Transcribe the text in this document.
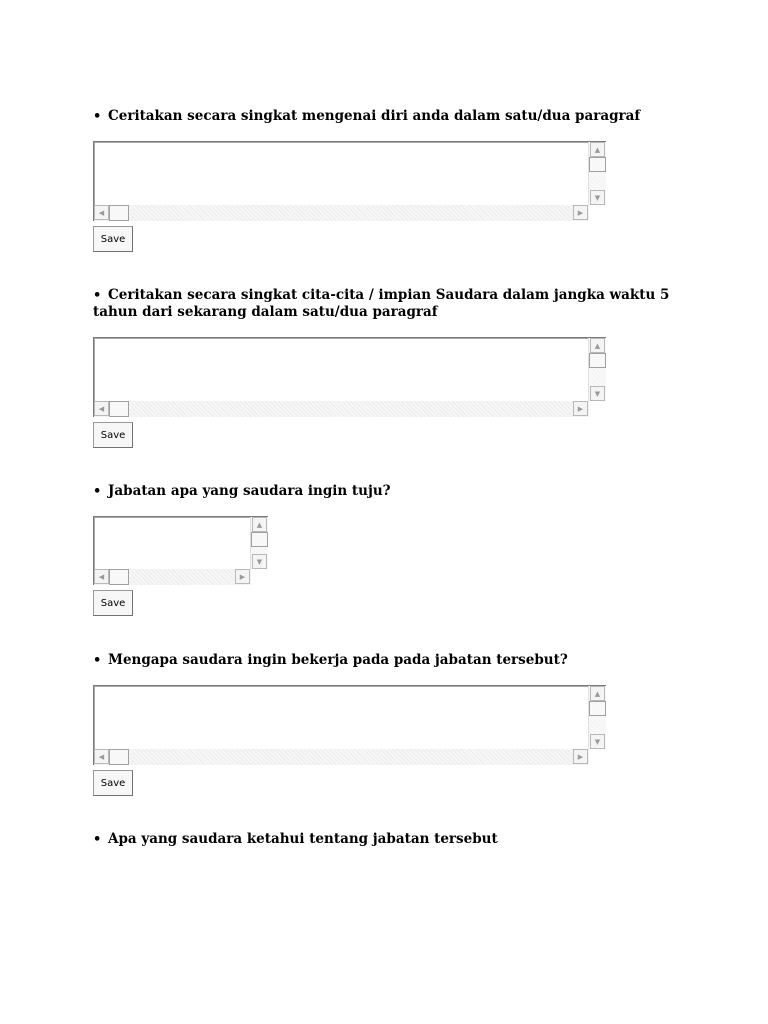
• Ceritakan secara singkat mengenai diri anda dalam satu/dua paragraf
▲
▼
◀	▶
Save
• Ceritakan secara singkat cita-cita / impian Saudara dalam jangka waktu 5 tahun dari sekarang dalam satu/dua paragraf
▲
▼
◀	▶
Save
• Jabatan apa yang saudara ingin tuju?
▲
▼
◀	▶
Save
• Mengapa saudara ingin bekerja pada pada jabatan tersebut?
▲
▼
◀	▶
Save
• Apa yang saudara ketahui tentang jabatan tersebut
